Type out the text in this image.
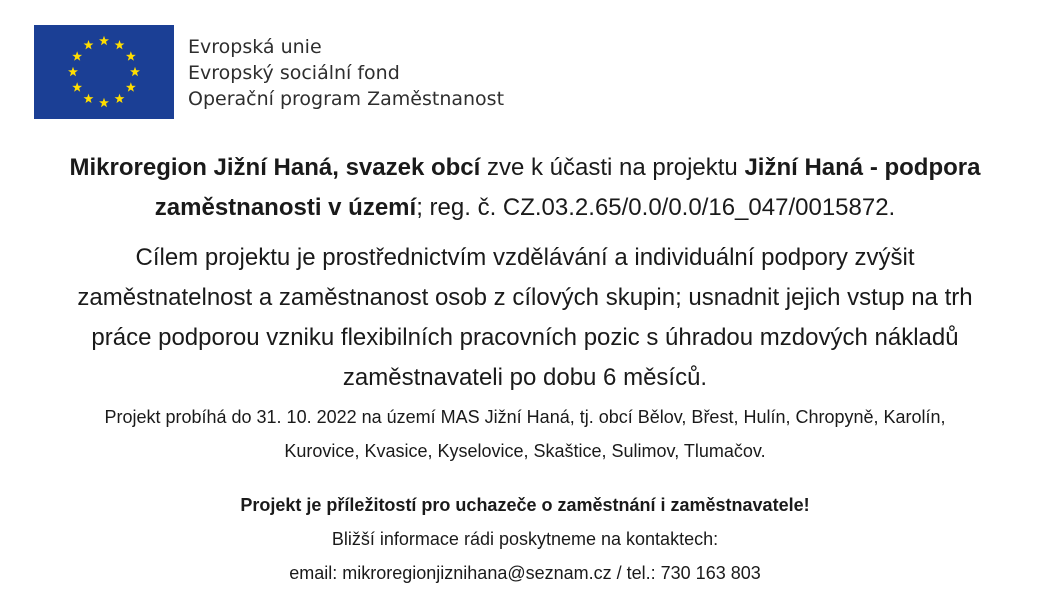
Evropská unie
Evropský sociální fond
Operační program Zaměstnanost
Mikroregion Jižní Haná, svazek obcí zve k účasti na projektu Jižní Haná - podpora zaměstnanosti v území; reg. č. CZ.03.2.65/0.0/0.0/16_047/0015872.
Cílem projektu je prostřednictvím vzdělávání a individuální podpory zvýšit
zaměstnatelnost a zaměstnanost osob z cílových skupin; usnadnit jejich vstup na trh
práce podporou vzniku flexibilních pracovních pozic s úhradou mzdových nákladů
zaměstnavateli po dobu 6 měsíců.
Projekt probíhá do 31. 10. 2022 na území MAS Jižní Haná, tj. obcí Bělov, Břest, Hulín, Chropyně, Karolín,
Kurovice, Kvasice, Kyselovice, Skaštice, Sulimov, Tlumačov.
Projekt je příležitostí pro uchazeče o zaměstnání i zaměstnavatele!
Bližší informace rádi poskytneme na kontaktech:
email: mikroregionjiznihana@seznam.cz / tel.: 730 163 803
